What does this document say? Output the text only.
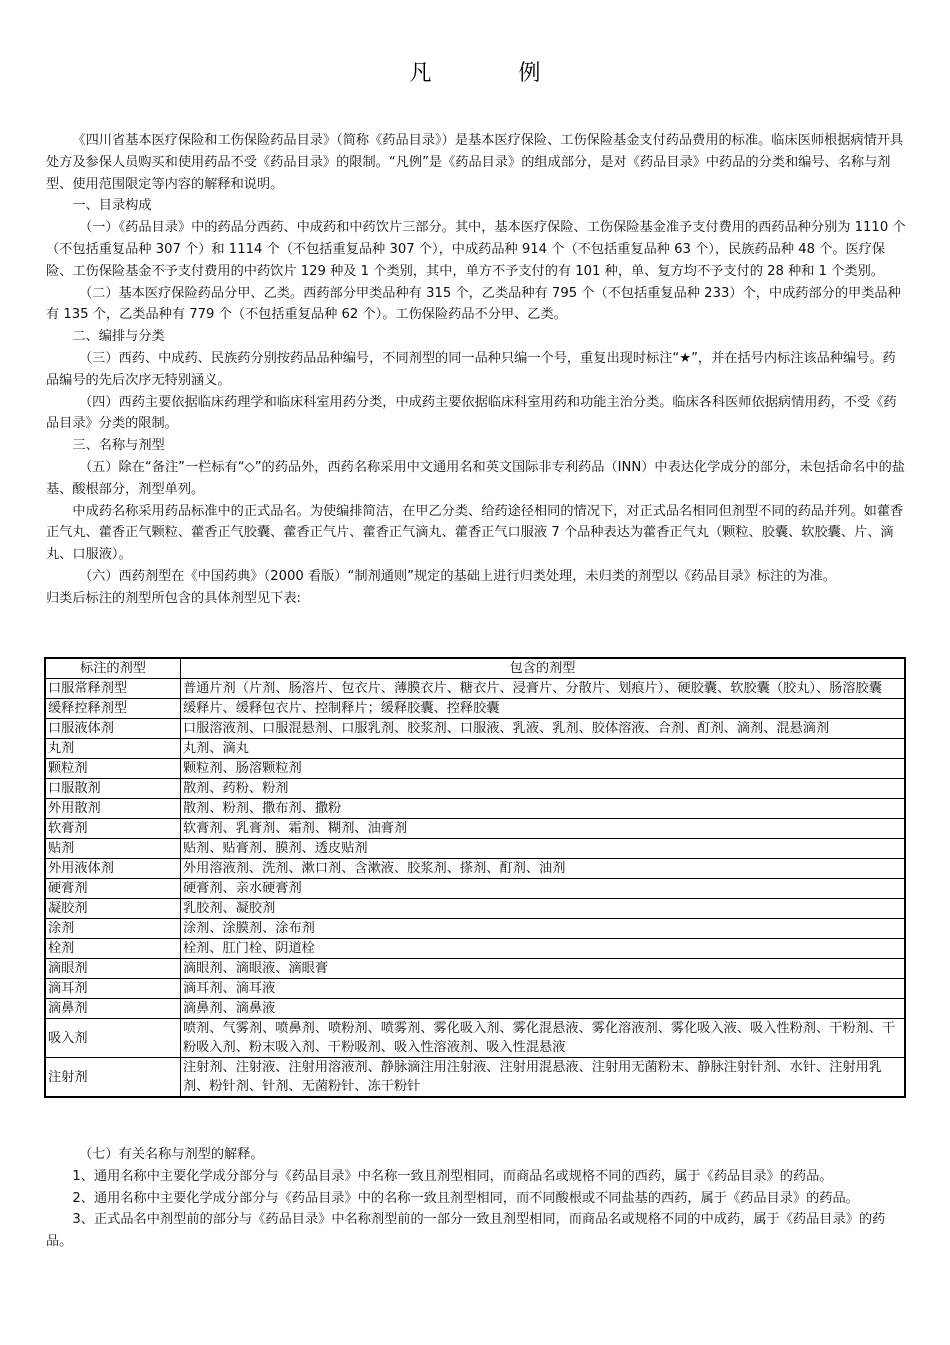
凡 例

《四川省基本医疗保险和工伤保险药品目录》（简称《药品目录》）是基本医疗保险、工伤保险基金支付药品费用的标准。临床医师根据病情开具处方及参保人员购买和使用药品不受《药品目录》的限制。“凡例”是《药品目录》的组成部分，是对《药品目录》中药品的分类和编号、名称与剂型、使用范围限定等内容的解释和说明。

一、目录构成

（一）《药品目录》中的药品分西药、中成药和中药饮片三部分。其中，基本医疗保险、工伤保险基金准予支付费用的西药品种分别为 1110 个（不包括重复品种 307 个）和 1114 个（不包括重复品种 307 个），中成药品种 914 个（不包括重复品种 63 个），民族药品种 48 个。医疗保险、工伤保险基金不予支付费用的中药饮片 129 种及 1 个类别，其中，单方不予支付的有 101 种，单、复方均不予支付的 28 种和 1 个类别。

（二）基本医疗保险药品分甲、乙类。西药部分甲类品种有 315 个，乙类品种有 795 个（不包括重复品种 233）个，中成药部分的甲类品种有 135 个，乙类品种有 779 个（不包括重复品种 62 个）。工伤保险药品不分甲、乙类。

二、编排与分类

（三）西药、中成药、民族药分别按药品品种编号，不同剂型的同一品种只编一个号，重复出现时标注“★”，并在括号内标注该品种编号。药品编号的先后次序无特别涵义。

（四）西药主要依据临床药理学和临床科室用药分类，中成药主要依据临床科室用药和功能主治分类。临床各科医师依据病情用药，不受《药品目录》分类的限制。

三、名称与剂型

（五）除在“备注”一栏标有“◇”的药品外，西药名称采用中文通用名和英文国际非专利药品（INN）中表达化学成分的部分，未包括命名中的盐基、酸根部分，剂型单列。

中成药名称采用药品标准中的正式品名。为使编排简洁，在甲乙分类、给药途径相同的情况下，对正式品名相同但剂型不同的药品并列。如藿香正气丸、藿香正气颗粒、藿香正气胶囊、藿香正气片、藿香正气滴丸、藿香正气口服液 7 个品种表达为藿香正气丸（颗粒、胶囊、软胶囊、片、滴丸、口服液）。

（六）西药剂型在《中国药典》（2000 看版）“制剂通则”规定的基础上进行归类处理，未归类的剂型以《药品目录》标注的为准。

归类后标注的剂型所包含的具体剂型见下表:

标注的剂型	包含的剂型
口服常释剂型	普通片剂（片剂、肠溶片、包衣片、薄膜衣片、糖衣片、浸膏片、分散片、划痕片）、硬胶囊、软胶囊（胶丸）、肠溶胶囊
缓释控释剂型	缓释片、缓释包衣片、控制释片；缓释胶囊、控释胶囊
口服液体剂	口服溶液剂、口服混悬剂、口服乳剂、胶浆剂、口服液、乳液、乳剂、胶体溶液、合剂、酊剂、滴剂、混悬滴剂
丸剂	丸剂、滴丸
颗粒剂	颗粒剂、肠溶颗粒剂
口服散剂	散剂、药粉、粉剂
外用散剂	散剂、粉剂、撒布剂、撒粉
软膏剂	软膏剂、乳膏剂、霜剂、糊剂、油膏剂
贴剂	贴剂、贴膏剂、膜剂、透皮贴剂
外用液体剂	外用溶液剂、洗剂、漱口剂、含漱液、胶浆剂、搽剂、酊剂、油剂
硬膏剂	硬膏剂、亲水硬膏剂
凝胶剂	乳胶剂、凝胶剂
涂剂	涂剂、涂膜剂、涂布剂
栓剂	栓剂、肛门栓、阴道栓
滴眼剂	滴眼剂、滴眼液、滴眼膏
滴耳剂	滴耳剂、滴耳液
滴鼻剂	滴鼻剂、滴鼻液
吸入剂	喷剂、气雾剂、喷鼻剂、喷粉剂、喷雾剂、雾化吸入剂、雾化混悬液、雾化溶液剂、雾化吸入液、吸入性粉剂、干粉剂、干粉吸入剂、粉末吸入剂、干粉吸剂、吸入性溶液剂、吸入性混悬液
注射剂	注射剂、注射液、注射用溶液剂、静脉滴注用注射液、注射用混悬液、注射用无菌粉末、静脉注射针剂、水针、注射用乳剂、粉针剂、针剂、无菌粉针、冻干粉针

（七）有关名称与剂型的解释。

1、通用名称中主要化学成分部分与《药品目录》中名称一致且剂型相同，而商品名或规格不同的西药，属于《药品目录》的药品。

2、通用名称中主要化学成分部分与《药品目录》中的名称一致且剂型相同，而不同酸根或不同盐基的西药，属于《药品目录》的药品。

3、正式品名中剂型前的部分与《药品目录》中名称剂型前的一部分一致且剂型相同，而商品名或规格不同的中成药，属于《药品目录》的药品。
